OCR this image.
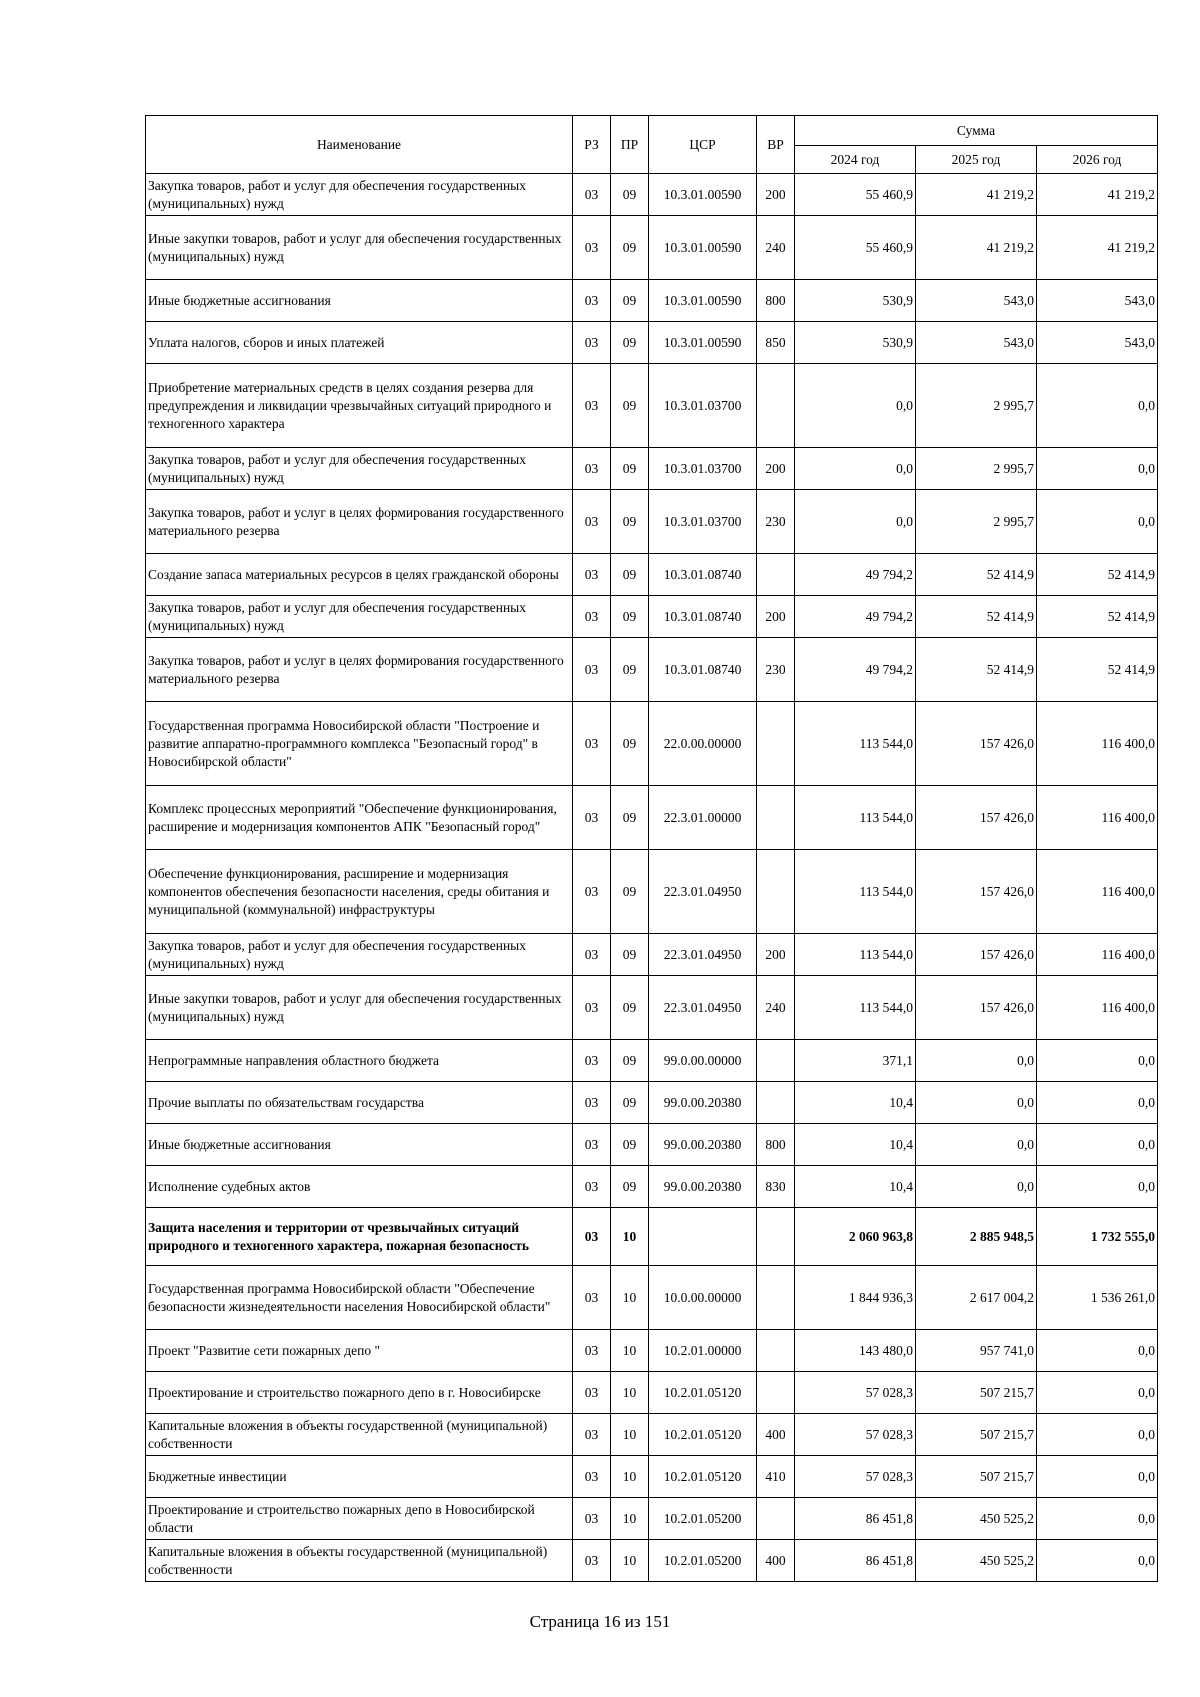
Наименование	РЗ	ПР	ЦСР	ВР	Сумма		
					2024 год	2025 год	2026 год
Закупка товаров, работ и услуг для обеспечения государственных (муниципальных) нужд	03	09	10.3.01.00590	200	55 460,9	41 219,2	41 219,2
Иные закупки товаров, работ и услуг для обеспечения государственных (муниципальных) нужд	03	09	10.3.01.00590	240	55 460,9	41 219,2	41 219,2
Иные бюджетные ассигнования	03	09	10.3.01.00590	800	530,9	543,0	543,0
Уплата налогов, сборов и иных платежей	03	09	10.3.01.00590	850	530,9	543,0	543,0
Приобретение материальных средств в целях создания резерва для предупреждения и ликвидации чрезвычайных ситуаций природного и техногенного характера	03	09	10.3.01.03700		0,0	2 995,7	0,0
Закупка товаров, работ и услуг для обеспечения государственных (муниципальных) нужд	03	09	10.3.01.03700	200	0,0	2 995,7	0,0
Закупка товаров, работ и услуг в целях формирования государственного материального резерва	03	09	10.3.01.03700	230	0,0	2 995,7	0,0
Создание запаса материальных ресурсов в целях гражданской обороны	03	09	10.3.01.08740		49 794,2	52 414,9	52 414,9
Закупка товаров, работ и услуг для обеспечения государственных (муниципальных) нужд	03	09	10.3.01.08740	200	49 794,2	52 414,9	52 414,9
Закупка товаров, работ и услуг в целях формирования государственного материального резерва	03	09	10.3.01.08740	230	49 794,2	52 414,9	52 414,9
Государственная программа Новосибирской области "Построение и развитие аппаратно-программного комплекса "Безопасный город" в Новосибирской области"	03	09	22.0.00.00000		113 544,0	157 426,0	116 400,0
Комплекс процессных мероприятий "Обеспечение функционирования, расширение и модернизация компонентов АПК "Безопасный город"	03	09	22.3.01.00000		113 544,0	157 426,0	116 400,0
Обеспечение функционирования, расширение и модернизация компонентов обеспечения безопасности населения, среды обитания и муниципальной (коммунальной) инфраструктуры	03	09	22.3.01.04950		113 544,0	157 426,0	116 400,0
Закупка товаров, работ и услуг для обеспечения государственных (муниципальных) нужд	03	09	22.3.01.04950	200	113 544,0	157 426,0	116 400,0
Иные закупки товаров, работ и услуг для обеспечения государственных (муниципальных) нужд	03	09	22.3.01.04950	240	113 544,0	157 426,0	116 400,0
Непрограммные направления областного бюджета	03	09	99.0.00.00000		371,1	0,0	0,0
Прочие выплаты по обязательствам государства	03	09	99.0.00.20380		10,4	0,0	0,0
Иные бюджетные ассигнования	03	09	99.0.00.20380	800	10,4	0,0	0,0
Исполнение судебных актов	03	09	99.0.00.20380	830	10,4	0,0	0,0
Защита населения и территории от чрезвычайных ситуаций природного и техногенного характера, пожарная безопасность	03	10			2 060 963,8	2 885 948,5	1 732 555,0
Государственная программа Новосибирской области "Обеспечение безопасности жизнедеятельности населения Новосибирской области"	03	10	10.0.00.00000		1 844 936,3	2 617 004,2	1 536 261,0
Проект "Развитие сети пожарных депо "	03	10	10.2.01.00000		143 480,0	957 741,0	0,0
Проектирование и строительство пожарного депо в г. Новосибирске	03	10	10.2.01.05120		57 028,3	507 215,7	0,0
Капитальные вложения в объекты государственной (муниципальной) собственности	03	10	10.2.01.05120	400	57 028,3	507 215,7	0,0
Бюджетные инвестиции	03	10	10.2.01.05120	410	57 028,3	507 215,7	0,0
Проектирование и строительство пожарных депо в Новосибирской области	03	10	10.2.01.05200		86 451,8	450 525,2	0,0
Капитальные вложения в объекты государственной (муниципальной) собственности	03	10	10.2.01.05200	400	86 451,8	450 525,2	0,0
Страница 16 из 151
